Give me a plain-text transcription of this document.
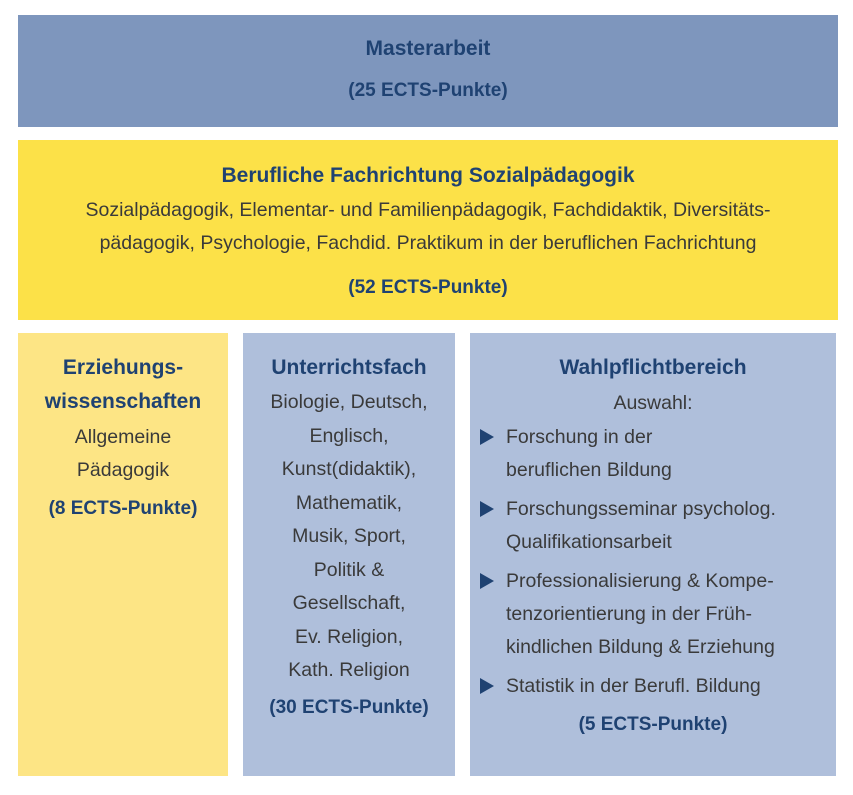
Masterarbeit
(25 ECTS-Punkte)
Berufliche Fachrichtung Sozialpädagogik
Sozialpädagogik, Elementar- und Familienpädagogik, Fachdidaktik, Diversitäts-
pädagogik, Psychologie, Fachdid. Praktikum in der beruflichen Fachrichtung
(52 ECTS-Punkte)
Erziehungs-
wissenschaften
Allgemeine
Pädagogik
(8 ECTS-Punkte)
Unterrichtsfach
Biologie, Deutsch,
Englisch,
Kunst(didaktik),
Mathematik,
Musik, Sport,
Politik &
Gesellschaft,
Ev. Religion,
Kath. Religion
(30 ECTS-Punkte)
Wahlpflichtbereich
Auswahl:
Forschung in der
beruflichen Bildung
Forschungsseminar psycholog.
Qualifikationsarbeit
Professionalisierung & Kompe-
tenzorientierung in der Früh-
kindlichen Bildung & Erziehung
Statistik in der Berufl. Bildung
(5 ECTS-Punkte)
